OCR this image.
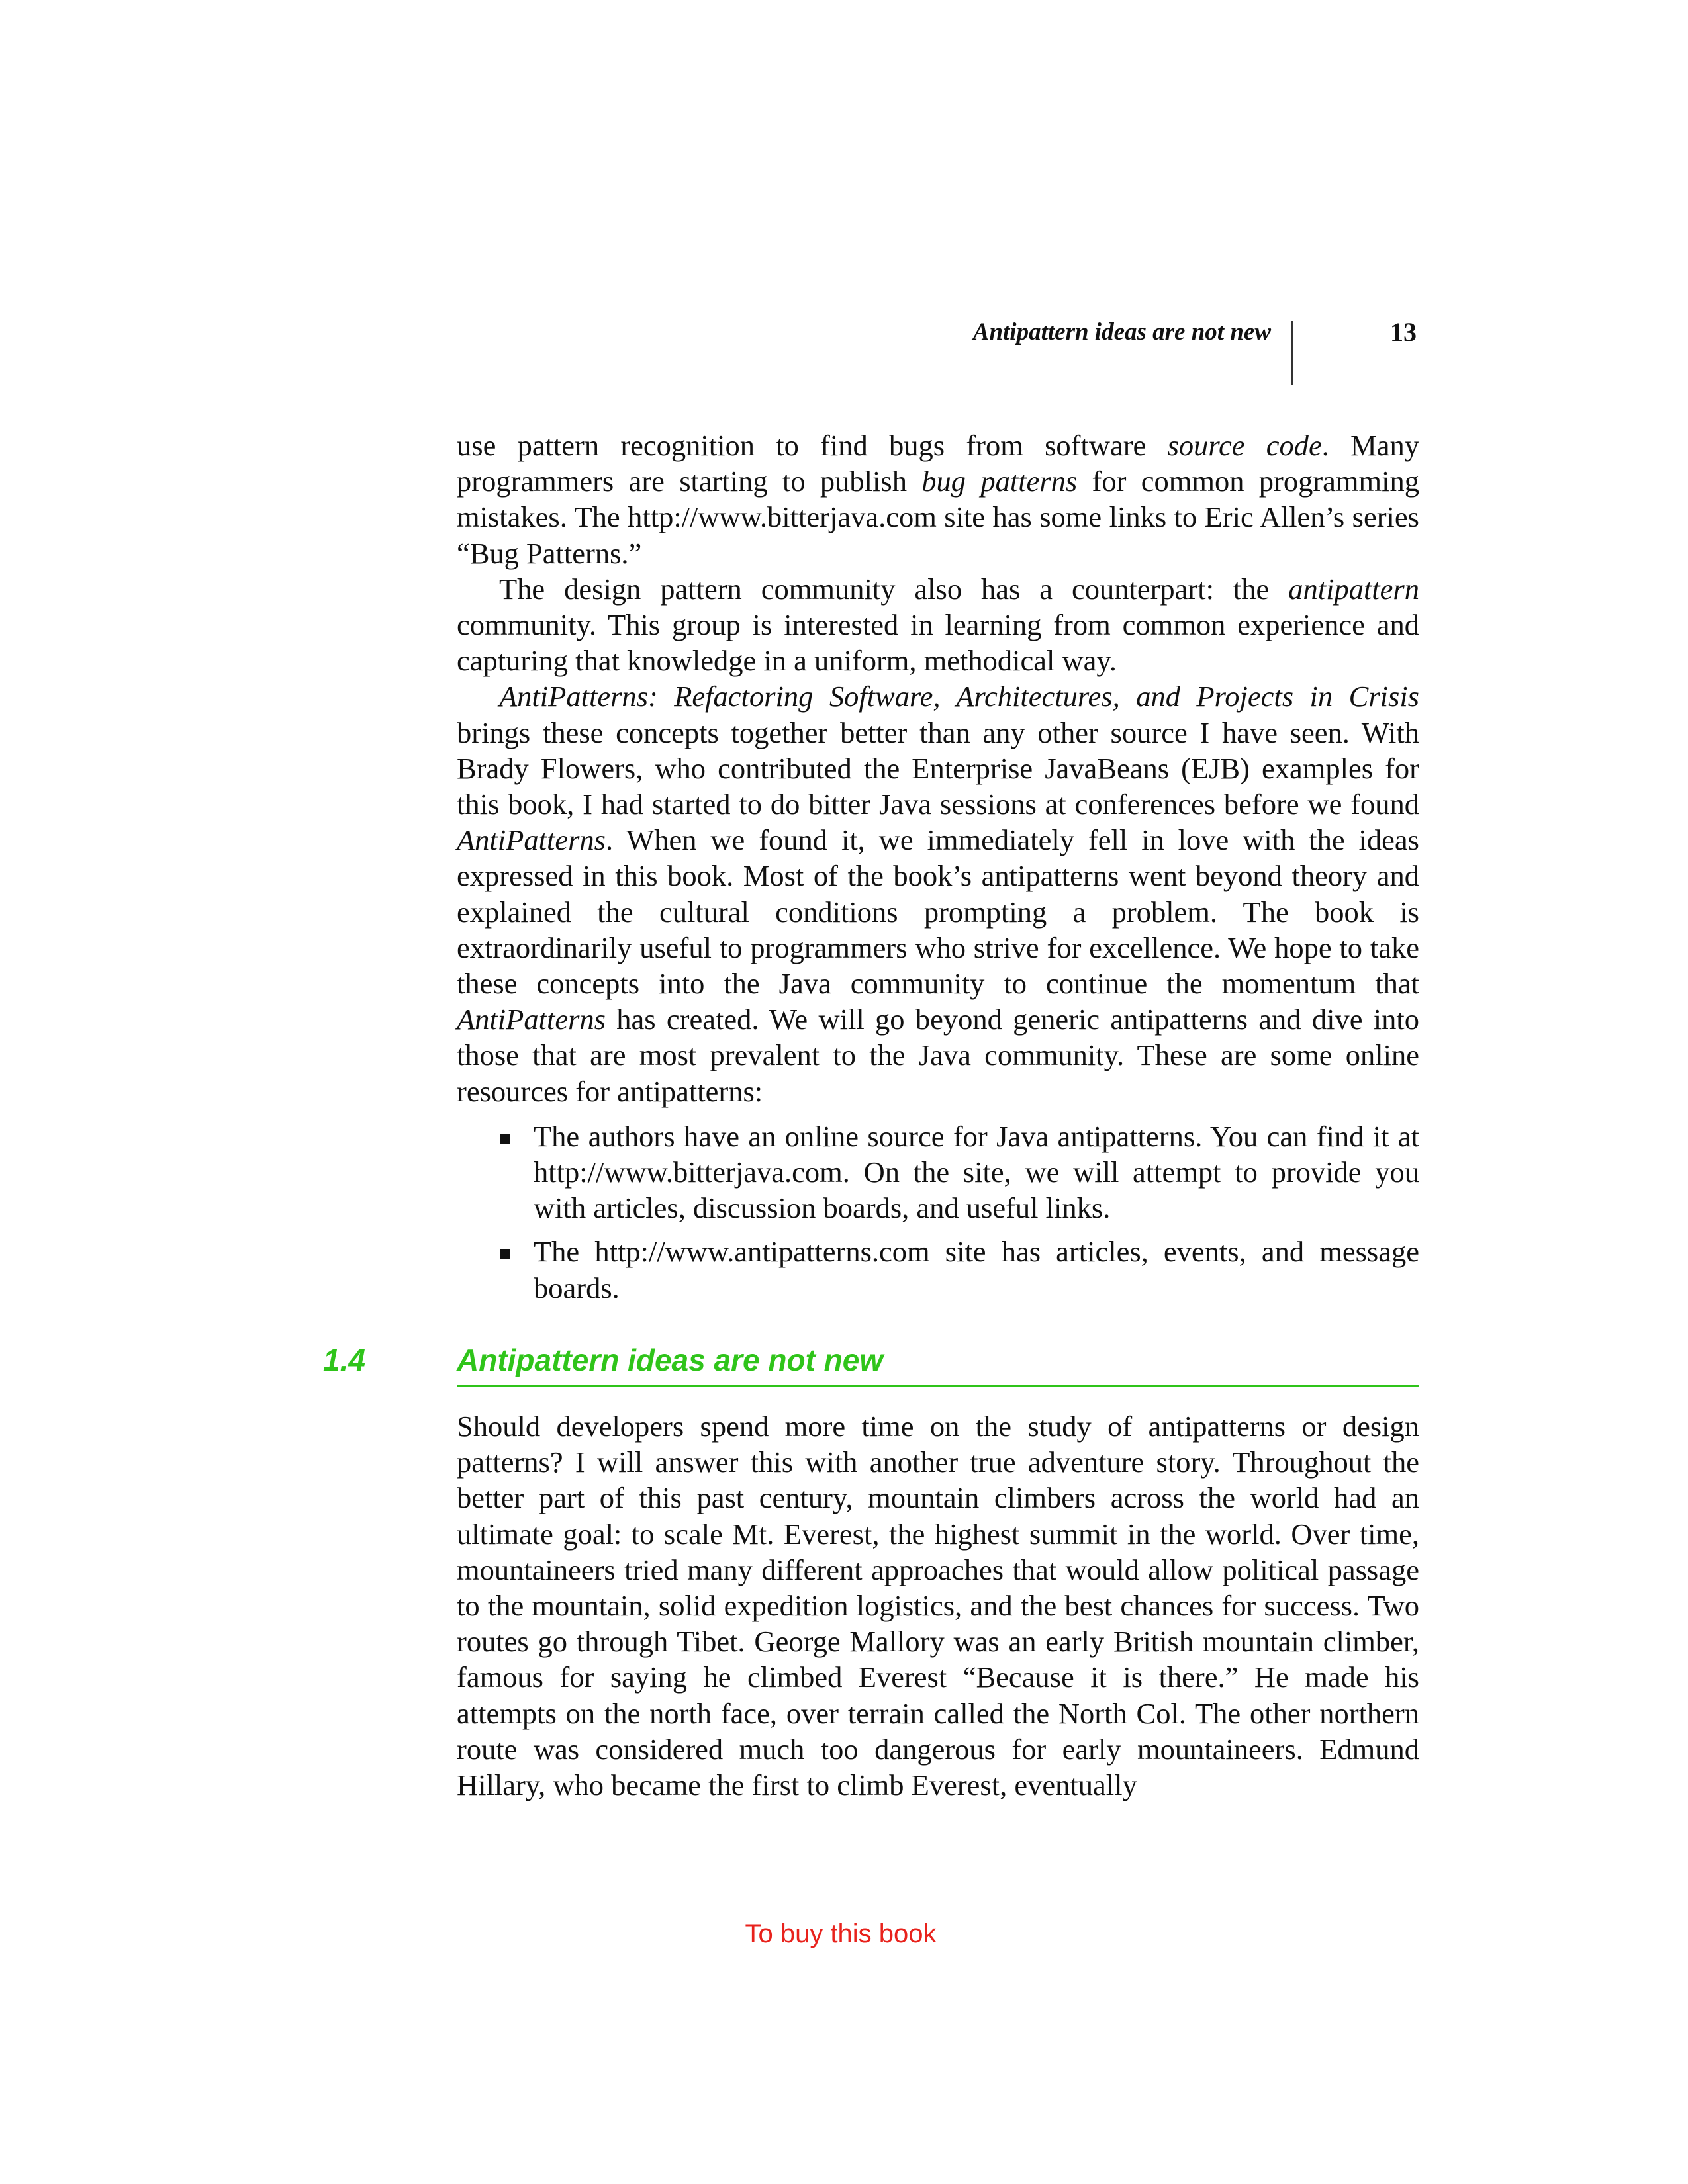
Antipattern ideas are not new	13

use pattern recognition to find bugs from software source code. Many programmers are starting to publish bug patterns for common programming mistakes. The http://www.bitterjava.com site has some links to Eric Allen’s series “Bug Patterns.”

The design pattern community also has a counterpart: the antipattern community. This group is interested in learning from common experience and capturing that knowledge in a uniform, methodical way.

AntiPatterns: Refactoring Software, Architectures, and Projects in Crisis brings these concepts together better than any other source I have seen. With Brady Flowers, who contributed the Enterprise JavaBeans (EJB) examples for this book, I had started to do bitter Java sessions at conferences before we found AntiPatterns. When we found it, we immediately fell in love with the ideas expressed in this book. Most of the book’s antipatterns went beyond theory and explained the cultural conditions prompting a problem. The book is extraordinarily useful to programmers who strive for excellence. We hope to take these concepts into the Java community to continue the momentum that AntiPatterns has created. We will go beyond generic antipatterns and dive into those that are most prevalent to the Java community. These are some online resources for antipatterns:

The authors have an online source for Java antipatterns. You can find it at http://www.bitterjava.com. On the site, we will attempt to provide you with articles, discussion boards, and useful links.
The http://www.antipatterns.com site has articles, events, and message boards.
1.4	Antipattern ideas are not new

Should developers spend more time on the study of antipatterns or design patterns? I will answer this with another true adventure story. Throughout the better part of this past century, mountain climbers across the world had an ultimate goal: to scale Mt. Everest, the highest summit in the world. Over time, mountaineers tried many different approaches that would allow political passage to the mountain, solid expedition logistics, and the best chances for success. Two routes go through Tibet. George Mallory was an early British mountain climber, famous for saying he climbed Everest “Because it is there.” He made his attempts on the north face, over terrain called the North Col. The other northern route was considered much too dangerous for early mountaineers. Edmund Hillary, who became the first to climb Everest, eventually

To buy this book
